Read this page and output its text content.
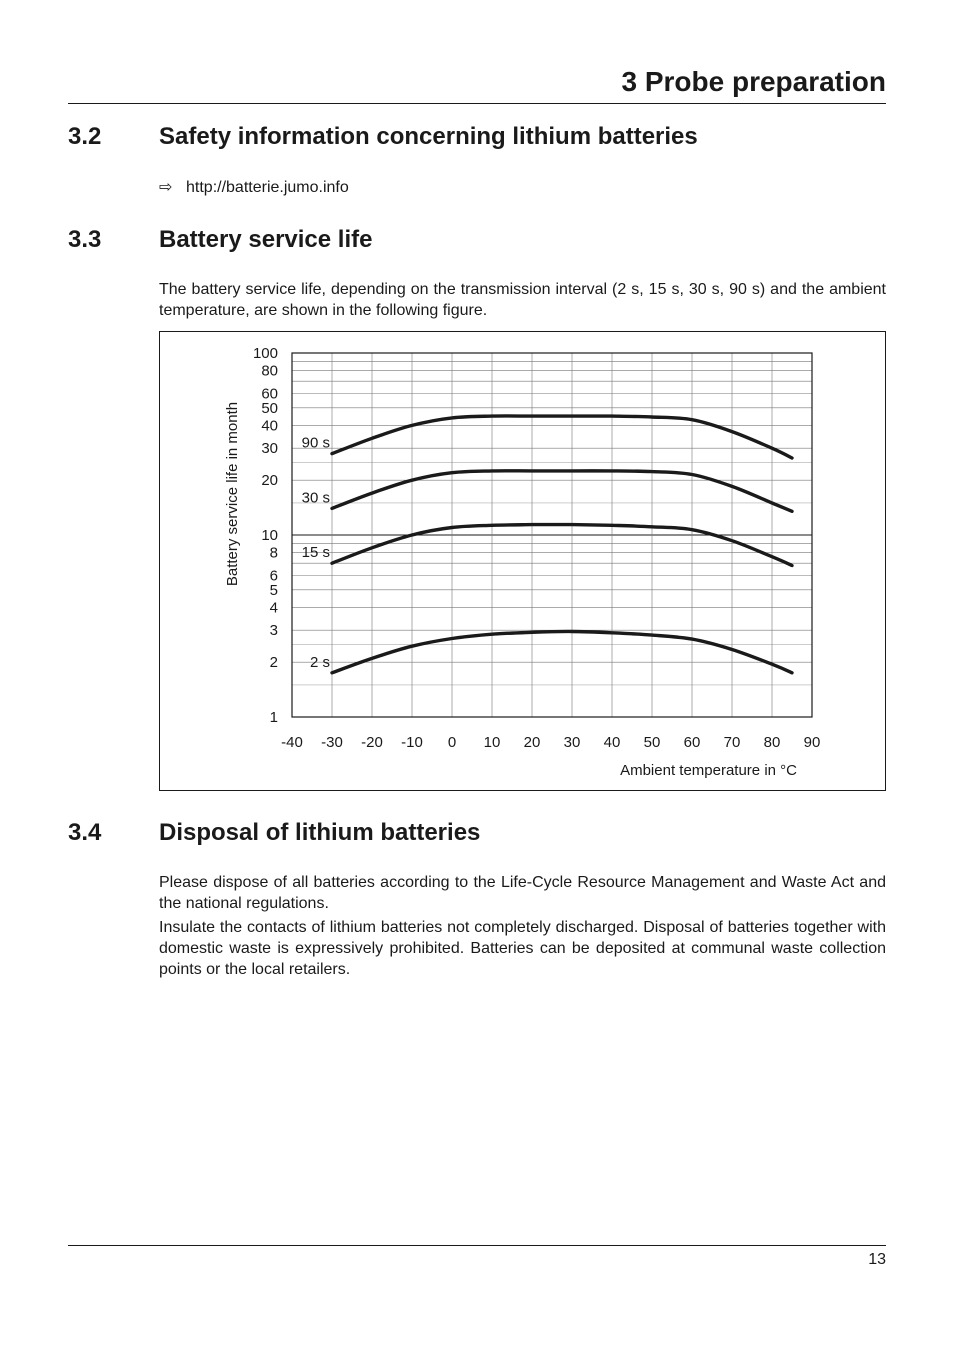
3 Probe preparation
3.2 Safety information concerning lithium batteries
⇨ http://batterie.jumo.info
3.3 Battery service life

The battery service life, depending on the transmission interval (2 s, 15 s, 30 s, 90 s) and the ambient temperature, are shown in the following figure.

90 s
30 s
15 s
2 s
1
2
3
4
5
6
8
10
20
30
40
50
60
80
100
-40 -30 -20 -10 0 10 20 30 40 50 60 70 80 90
Ambient temperature in °C
Battery service life in month
3.4 Disposal of lithium batteries

Please dispose of all batteries according to the Life-Cycle Resource Management and Waste Act and the national regulations.

Insulate the contacts of lithium batteries not completely discharged. Disposal of batteries together with domestic waste is expressively prohibited. Batteries can be deposited at communal waste collection points or the local retailers.

13
